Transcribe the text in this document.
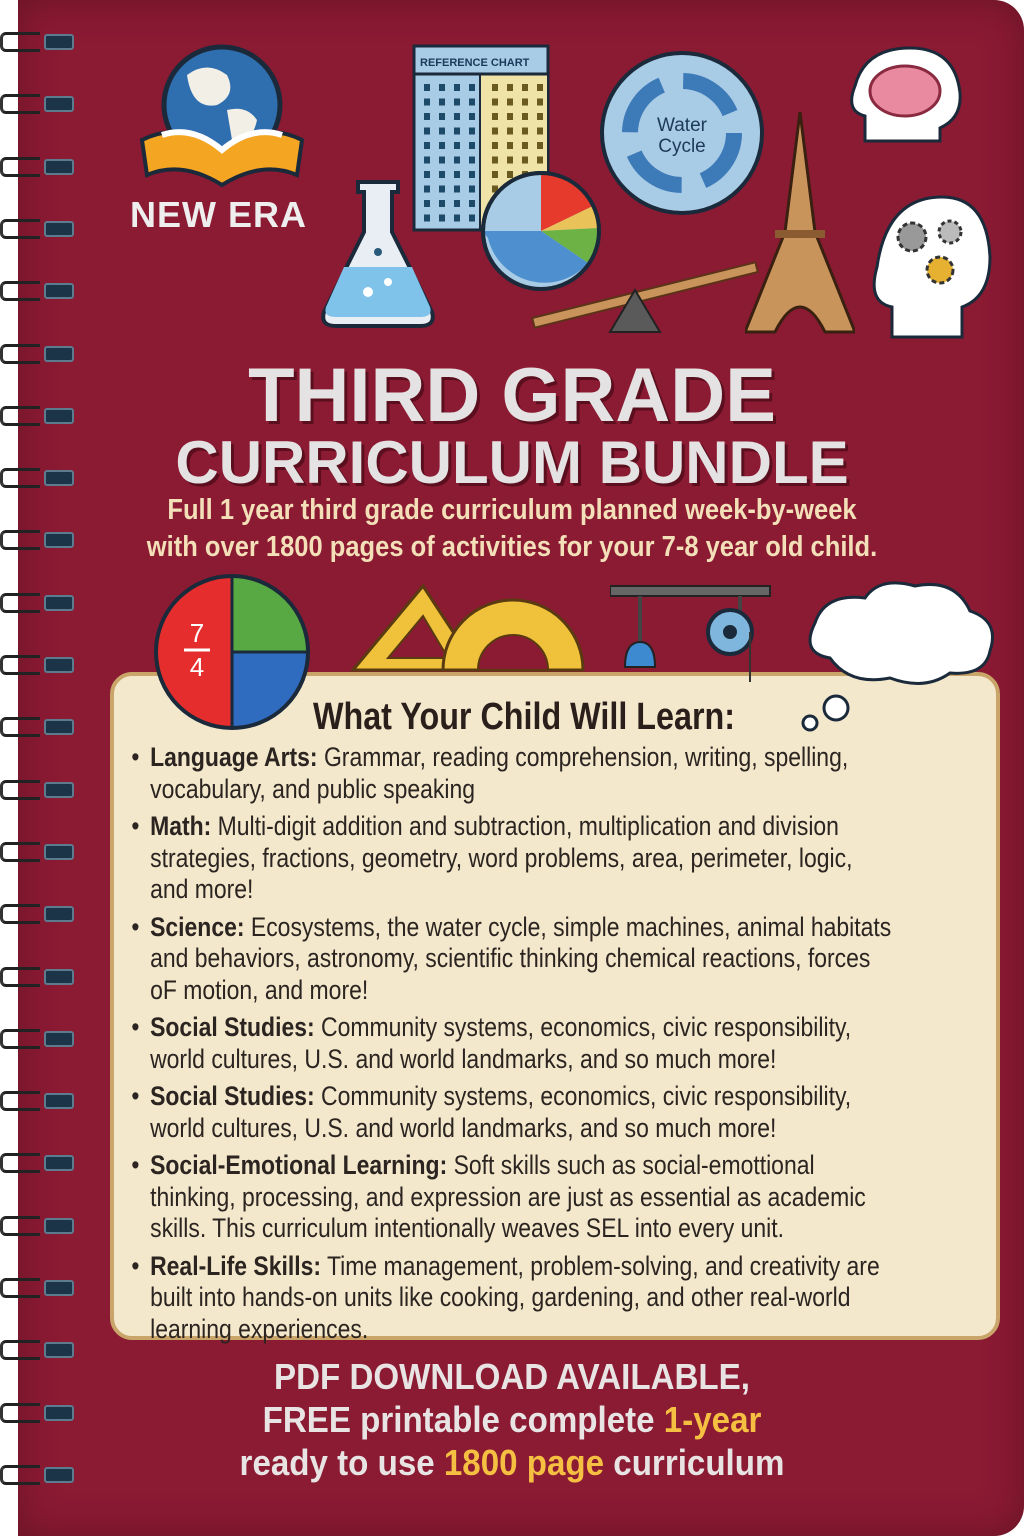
NEW ERA
REFERENCE CHART
Water
Cycle
THIRD GRADE
CURRICULUM BUNDLE
Full 1 year third grade curriculum planned week-by-week
with over 1800 pages of activities for your 7-8 year old child.
7
4
What Your Child Will Learn:
• Language Arts: Grammar, reading comprehension, writing, spelling, vocabulary, and public speaking
• Math: Multi-digit addition and subtraction, multiplication and division strategies, fractions, geometry, word problems, area, perimeter, logic, and more!
• Science: Ecosystems, the water cycle, simple machines, animal habitats and behaviors, astronomy, scientific thinking chemical reactions, forces oF motion, and more!
• Social Studies: Community systems, economics, civic responsibility, world cultures, U.S. and world landmarks, and so much more!
• Social Studies: Community systems, economics, civic responsibility, world cultures, U.S. and world landmarks, and so much more!
• Social-Emotional Learning: Soft skills such as social-emottional thinking, processing, and expression are just as essential as academic skills. This curriculum intentionally weaves SEL into every unit.
• Real-Life Skills: Time management, problem-solving, and creativity are built into hands-on units like cooking, gardening, and other real-world learning experiences.
PDF DOWNLOAD AVAILABLE,
FREE printable complete 1-year
ready to use 1800 page curriculum
